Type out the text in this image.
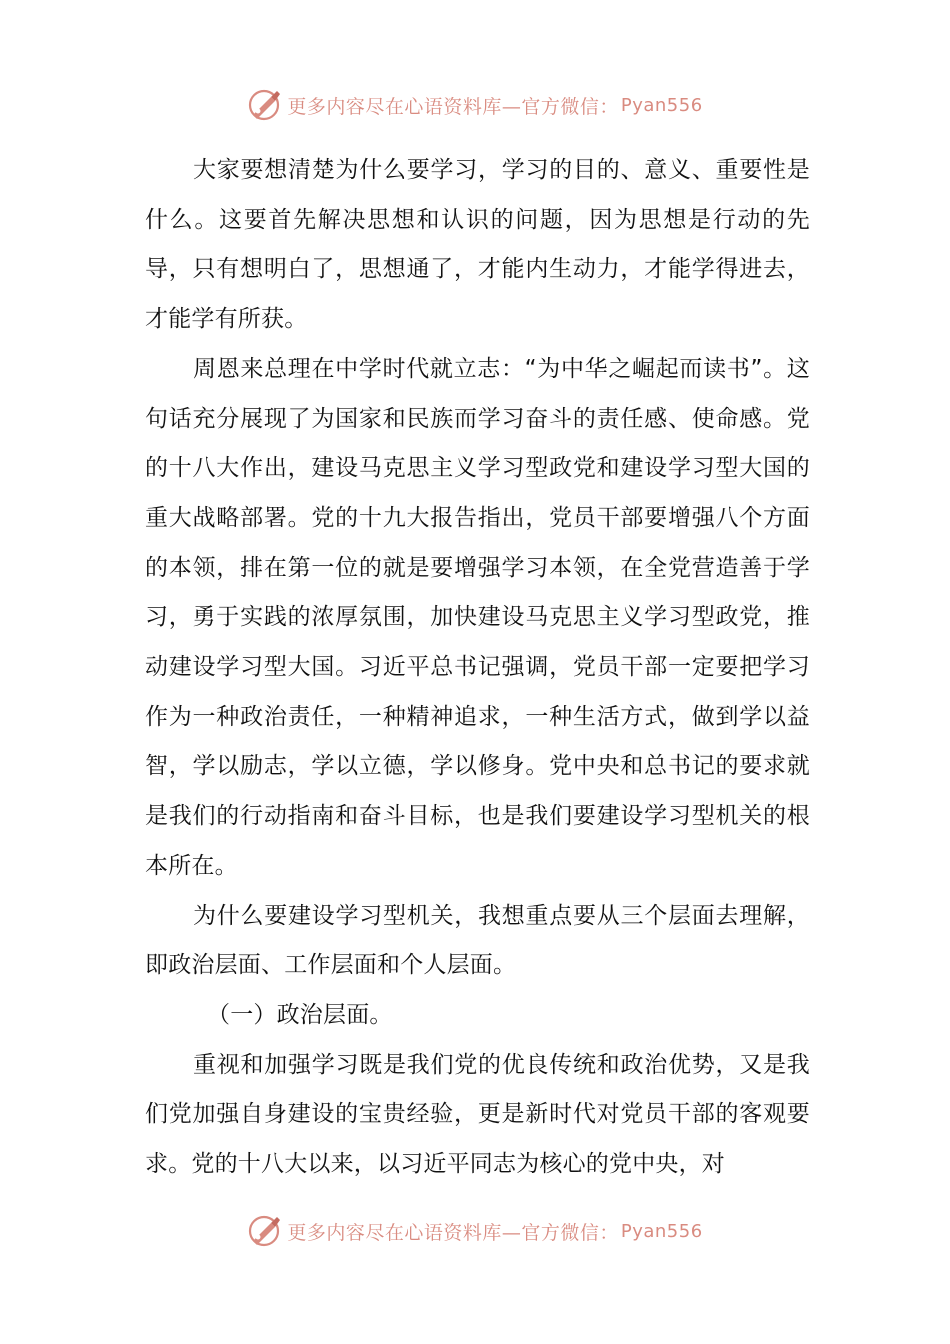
更多内容尽在心语资料库—官方微信： Pyan556

大家要想清楚为什么要学习，学习的目的、意义、重要性是什么。这要首先解决思想和认识的问题，因为思想是行动的先导，只有想明白了，思想通了，才能内生动力，才能学得进去，才能学有所获。

周恩来总理在中学时代就立志：“为中华之崛起而读书”。这句话充分展现了为国家和民族而学习奋斗的责任感、使命感。党的十八大作出，建设马克思主义学习型政党和建设学习型大国的重大战略部署。党的十九大报告指出，党员干部要增强八个方面的本领，排在第一位的就是要增强学习本领，在全党营造善于学习，勇于实践的浓厚氛围，加快建设马克思主义学习型政党，推动建设学习型大国。习近平总书记强调，党员干部一定要把学习作为一种政治责任，一种精神追求，一种生活方式，做到学以益智，学以励志，学以立德，学以修身。党中央和总书记的要求就是我们的行动指南和奋斗目标，也是我们要建设学习型机关的根本所在。

为什么要建设学习型机关，我想重点要从三个层面去理解，即政治层面、工作层面和个人层面。

（一）政治层面。

重视和加强学习既是我们党的优良传统和政治优势，又是我们党加强自身建设的宝贵经验，更是新时代对党员干部的客观要求。党的十八大以来，以习近平同志为核心的党中央，对

更多内容尽在心语资料库—官方微信： Pyan556
